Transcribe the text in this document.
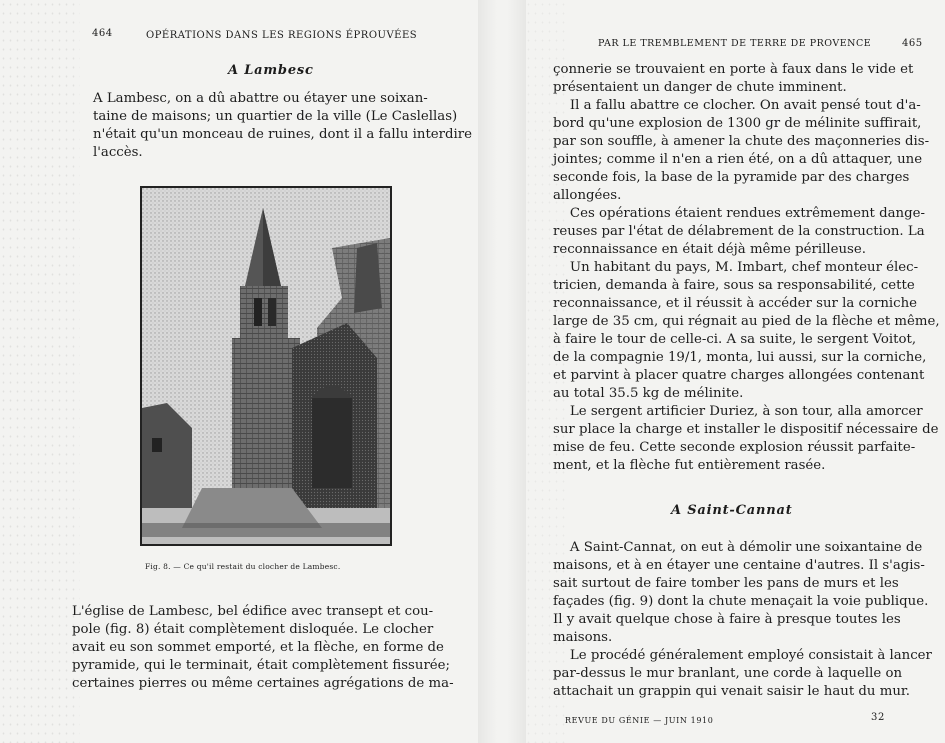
464	OPÉRATIONS DANS LES REGIONS ÉPROUVÉES
A Lambesc
A Lambesc, on a dû abattre ou étayer une soixan-
taine de maisons; un quartier de la ville (Le Caslellas)
n'était qu'un monceau de ruines, dont il a fallu interdire
l'accès.
Fig. 8. — Ce qu'il restait du clocher de Lambesc.
L'église de Lambesc, bel édifice avec transept et cou-
pole (fig. 8) était complètement disloquée. Le clocher
avait eu son sommet emporté, et la flèche, en forme de
pyramide, qui le terminait, était complètement fissurée;
certaines pierres ou même certaines agrégations de ma-
PAR LE TREMBLEMENT DE TERRE DE PROVENCE	465
çonnerie se trouvaient en porte à faux dans le vide et
présentaient un danger de chute imminent.
Il a fallu abattre ce clocher. On avait pensé tout d'a-
bord qu'une explosion de 1300 gr de mélinite suffirait,
par son souffle, à amener la chute des maçonneries dis-
jointes; comme il n'en a rien été, on a dû attaquer, une
seconde fois, la base de la pyramide par des charges
allongées.
Ces opérations étaient rendues extrêmement dange-
reuses par l'état de délabrement de la construction. La
reconnaissance en était déjà même périlleuse.
Un habitant du pays, M. Imbart, chef monteur élec-
tricien, demanda à faire, sous sa responsabilité, cette
reconnaissance, et il réussit à accéder sur la corniche
large de 35 cm, qui régnait au pied de la flèche et même,
à faire le tour de celle-ci. A sa suite, le sergent Voitot,
de la compagnie 19/1, monta, lui aussi, sur la corniche,
et parvint à placer quatre charges allongées contenant
au total 35.5 kg de mélinite.
Le sergent artificier Duriez, à son tour, alla amorcer
sur place la charge et installer le dispositif nécessaire de
mise de feu. Cette seconde explosion réussit parfaite-
ment, et la flèche fut entièrement rasée.
A Saint-Cannat
A Saint-Cannat, on eut à démolir une soixantaine de
maisons, et à en étayer une centaine d'autres. Il s'agis-
sait surtout de faire tomber les pans de murs et les
façades (fig. 9) dont la chute menaçait la voie publique.
Il y avait quelque chose à faire à presque toutes les
maisons.
Le procédé généralement employé consistait à lancer
par-dessus le mur branlant, une corde à laquelle on
attachait un grappin qui venait saisir le haut du mur.
REVUE DU GÉNIE — JUIN 1910	32
